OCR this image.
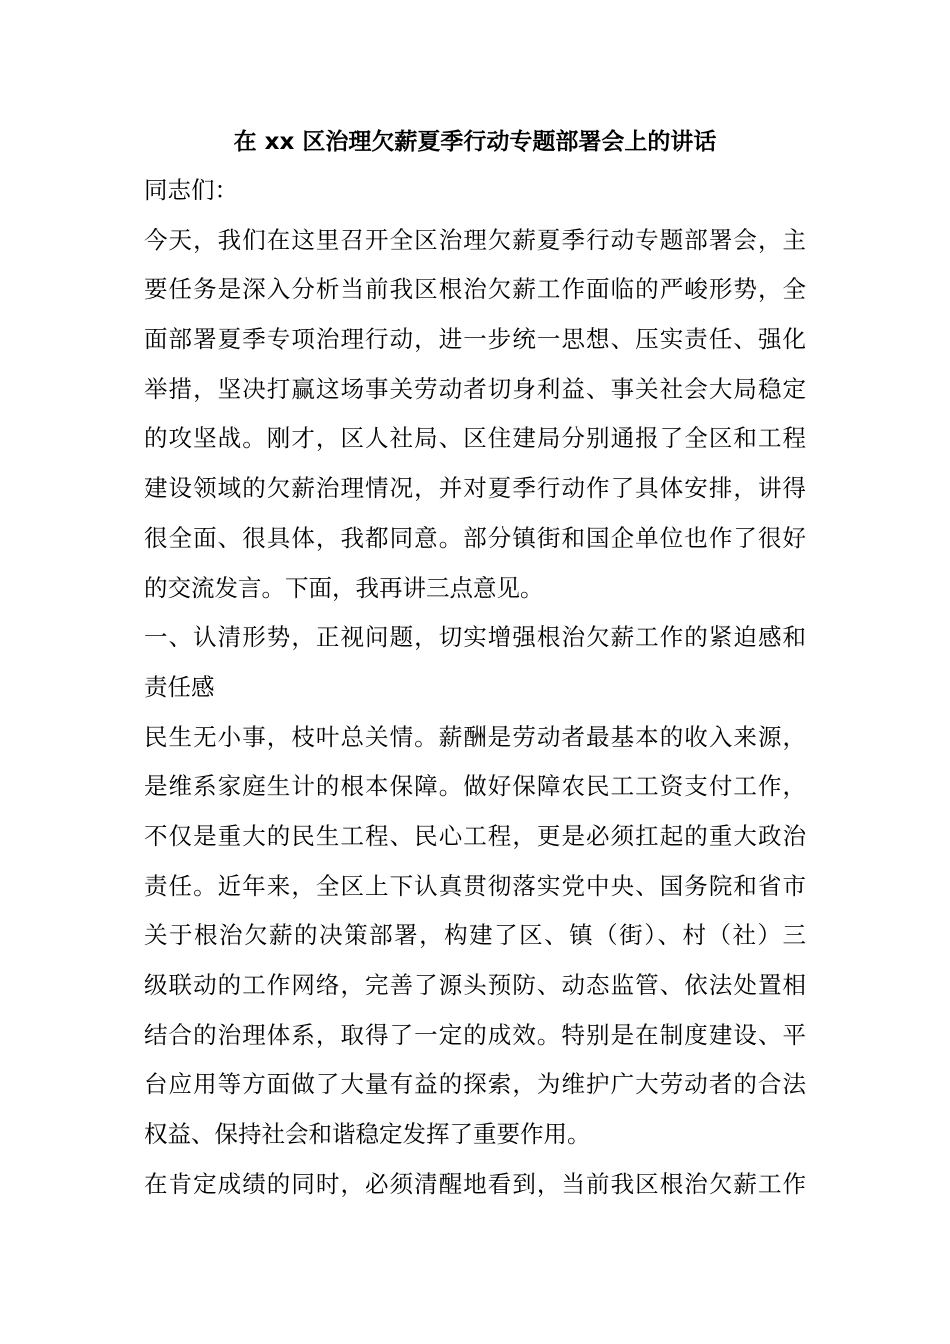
在 xx 区治理欠薪夏季行动专题部署会上的讲话

同志们：

今天，我们在这里召开全区治理欠薪夏季行动专题部署会，主
要任务是深入分析当前我区根治欠薪工作面临的严峻形势，全
面部署夏季专项治理行动，进一步统一思想、压实责任、强化
举措，坚决打赢这场事关劳动者切身利益、事关社会大局稳定
的攻坚战。刚才，区人社局、区住建局分别通报了全区和工程
建设领域的欠薪治理情况，并对夏季行动作了具体安排，讲得
很全面、很具体，我都同意。部分镇街和国企单位也作了很好
的交流发言。下面，我再讲三点意见。

一、认清形势，正视问题，切实增强根治欠薪工作的紧迫感和
责任感

民生无小事，枝叶总关情。薪酬是劳动者最基本的收入来源，
是维系家庭生计的根本保障。做好保障农民工工资支付工作，
不仅是重大的民生工程、民心工程，更是必须扛起的重大政治
责任。近年来，全区上下认真贯彻落实党中央、国务院和省市
关于根治欠薪的决策部署，构建了区、镇（街）、村（社）三
级联动的工作网络，完善了源头预防、动态监管、依法处置相
结合的治理体系，取得了一定的成效。特别是在制度建设、平
台应用等方面做了大量有益的探索，为维护广大劳动者的合法
权益、保持社会和谐稳定发挥了重要作用。

在肯定成绩的同时，必须清醒地看到，当前我区根治欠薪工作
